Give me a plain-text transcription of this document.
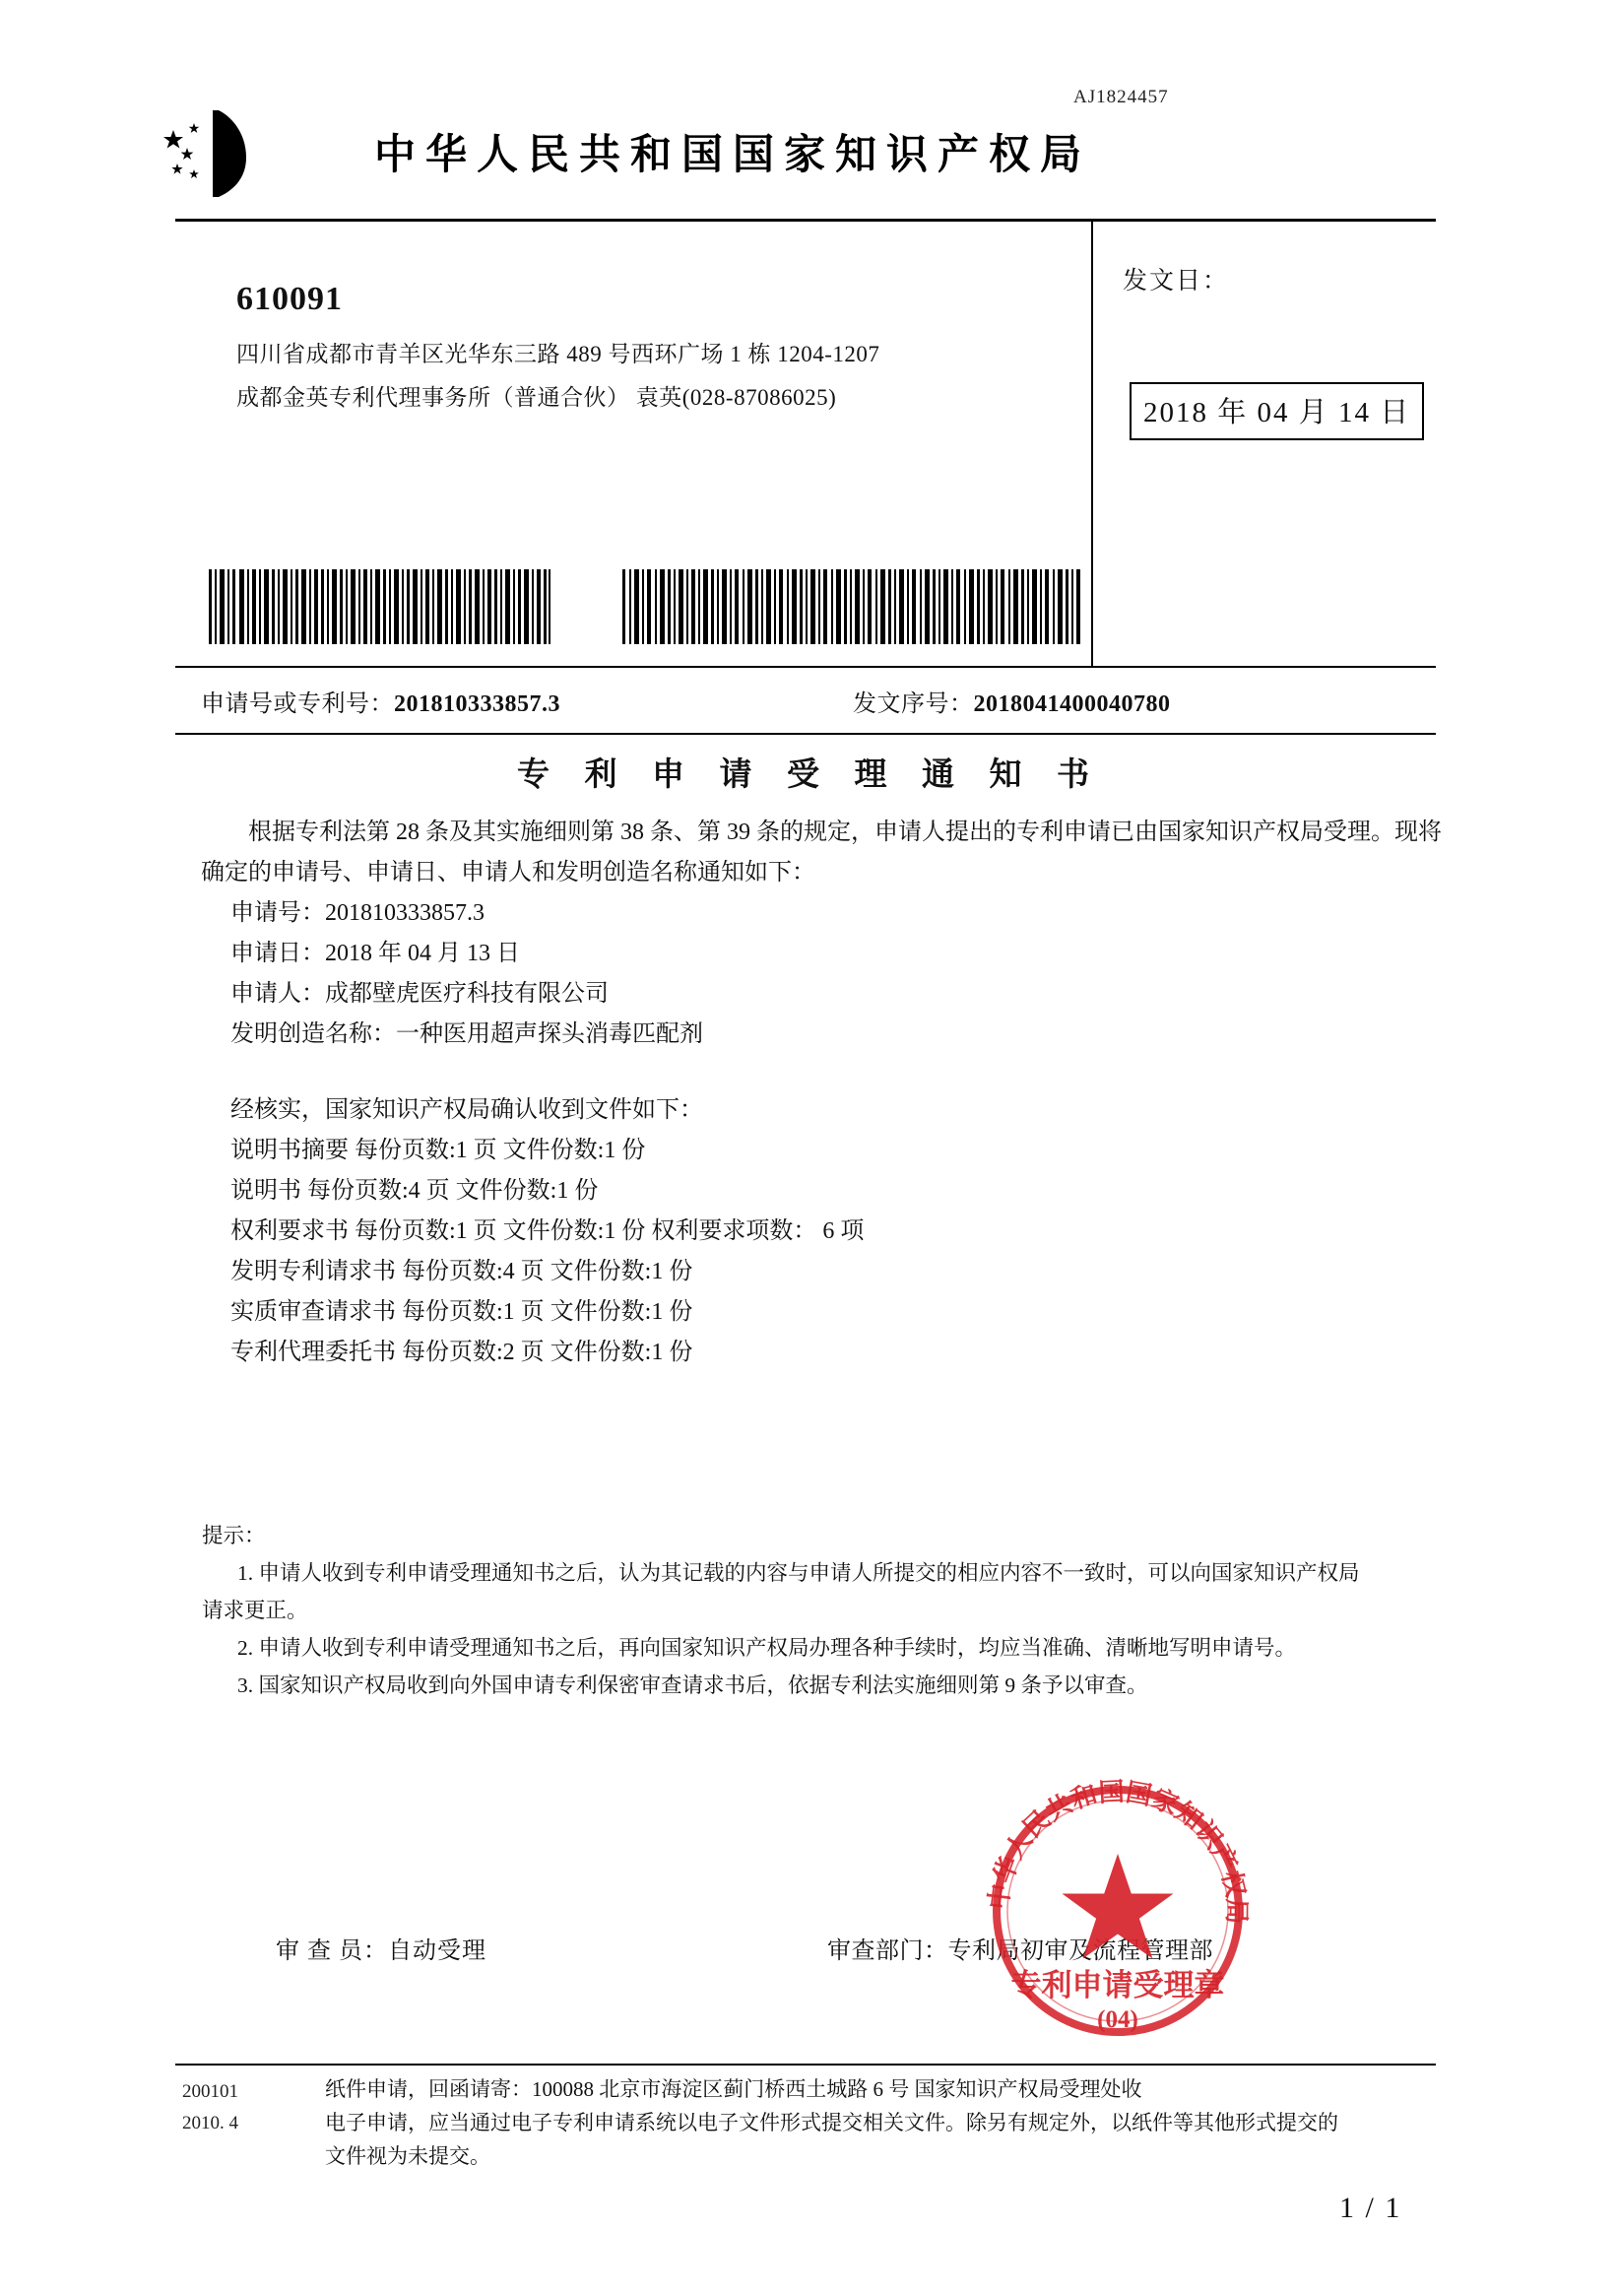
AJ1824457
中华人民共和国国家知识产权局
610091
四川省成都市青羊区光华东三路 489 号西环广场 1 栋 1204-1207
成都金英专利代理事务所（普通合伙） 袁英(028-87086025)
发文日：
2018 年 04 月 14 日
申请号或专利号：201810333857.3	发文序号：2018041400040780
专 利 申 请 受 理 通 知 书
根据专利法第 28 条及其实施细则第 38 条、第 39 条的规定，申请人提出的专利申请已由国家知识产权局受理。现将确定的申请号、申请日、申请人和发明创造名称通知如下：
申请号：201810333857.3
申请日：2018 年 04 月 13 日
申请人：成都壁虎医疗科技有限公司
发明创造名称：一种医用超声探头消毒匹配剂
经核实，国家知识产权局确认收到文件如下：
说明书摘要 每份页数:1 页 文件份数:1 份
说明书 每份页数:4 页 文件份数:1 份
权利要求书 每份页数:1 页 文件份数:1 份 权利要求项数： 6 项
发明专利请求书 每份页数:4 页 文件份数:1 份
实质审查请求书 每份页数:1 页 文件份数:1 份
专利代理委托书 每份页数:2 页 文件份数:1 份
提示：
1. 申请人收到专利申请受理通知书之后，认为其记载的内容与申请人所提交的相应内容不一致时，可以向国家知识产权局
请求更正。
2. 申请人收到专利申请受理通知书之后，再向国家知识产权局办理各种手续时，均应当准确、清晰地写明申请号。
3. 国家知识产权局收到向外国申请专利保密审查请求书后，依据专利法实施细则第 9 条予以审查。
审 查 员：自动受理	审查部门：专利局初审及流程管理部
中华人民共和国国家知识产权局
专利申请受理章
(04)
200101
2010. 4
纸件申请，回函请寄：100088 北京市海淀区蓟门桥西土城路 6 号 国家知识产权局受理处收
电子申请，应当通过电子专利申请系统以电子文件形式提交相关文件。除另有规定外，以纸件等其他形式提交的
文件视为未提交。
1 / 1
